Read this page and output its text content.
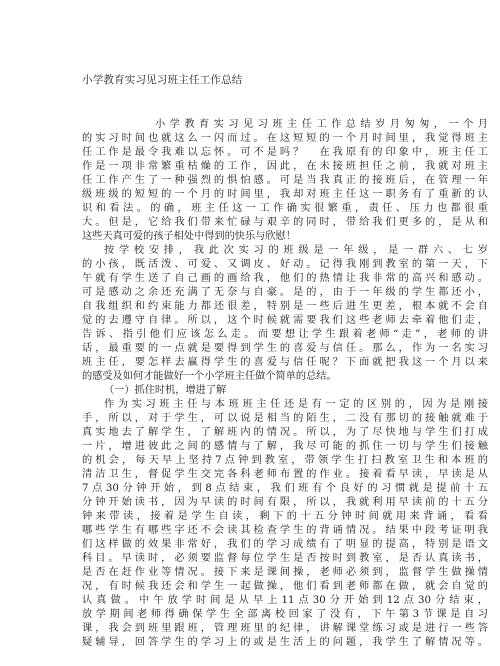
小学教育实习见习班主任工作总结
小学教育实习见习班主任工作总结岁月匆匆，一个月
的实习时间也就这么一闪而过。在这短短的一个月时间里，我觉得班主
任工作是最令我难以忘怀。可不是吗？　在我原有的印象中，班主任工
作是一项非常繁重枯燥的工作，因此，在未接班担任之前，我就对班主
任工作产生了一种强烈的惧怕感。可是当我真正的接班后，在管理一年
级班级的短短的一个月的时间里，我却对班主任这一职务有了重新的认
识和看法。的确，班主任这一工作确实很繁重，责任、压力也都很重
大。但是，它给我们带来忙碌与艰辛的同时，带给我们更多的，是从和
这些天真可爱的孩子相处中得到的快乐与欣慰！
按学校安排，我此次实习的班级是一年级，是一群六、七岁
的小孩，既活泼、可爱、又调皮、好动。记得我刚到教室的第一天，下
午就有学生送了自己画的画给我，他们的热情让我非常的高兴和感动。
可是感动之余还充满了无奈与自豪。是的，由于一年级的学生都还小，
自我组织和约束能力都还很差，特别是一些后进生更差，根本就不会自
觉的去遵守自律。所以，这个时候就需要我们这些老师去牵着他们走，
告诉、指引他们应该怎么走。而要想让学生跟着老师“走”，老师的讲
话，最重要的一点就是要得到学生的喜爱与信任。那么，作为一名实习
班主任，要怎样去赢得学生的喜爱与信任呢？下面就把我这一个月以来
的感受及如何才能做好一个小学班主任做个简单的总结。
（一）抓住时机，增进了解
作为实习班主任与本班班主任还是有一定的区别的，因为是刚接
手，所以，对于学生，可以说是相当的陌生，二没有那切的接触就难于
真实地去了解学生，了解班内的情况。所以，为了尽快地与学生们打成
一片，增进彼此之间的感情与了解，我尽可能的抓住一切与学生们接触
的机会，每天早上坚持7点钟到教室，带领学生打扫教室卫生和本班的
清洁卫生，督促学生交完各科老师布置的作业。接着看早读，早读是从
7点30分钟开始，到8点结束，我们班有个良好的习惯就是提前十五
分钟开始读书，因为早读的时间有限，所以，我就利用早读前的十五分
钟来带读，接着是学生自读，剩下的十五分钟时间就用来背诵，看看
哪些学生有哪些字还不会读其检查学生的背诵情况。结果中段考证明我
们这样做的效果非常好，我们的学习成绩有了明显的提高，特别是语文
科目。早读时，必须要监督每位学生是否按时到教室，是否认真读书，
是否在赶作业等情况。接下来是课间操，老师必须到，监督学生做操情
况，有时候我还会和学生一起做操，他们看到老师都在做，就会自觉的
认真做。中午放学时间是从早上11点30分开始到12点30分结束，
放学期间老师得确保学生全部离校回家了没有，下午第3节课是自习
课，我会到班里跟班，管理班里的纪律，讲解课堂练习或是进行一些答
疑辅导，回答学生的学习上的或是生活上的问题，我学生了解情况等。
